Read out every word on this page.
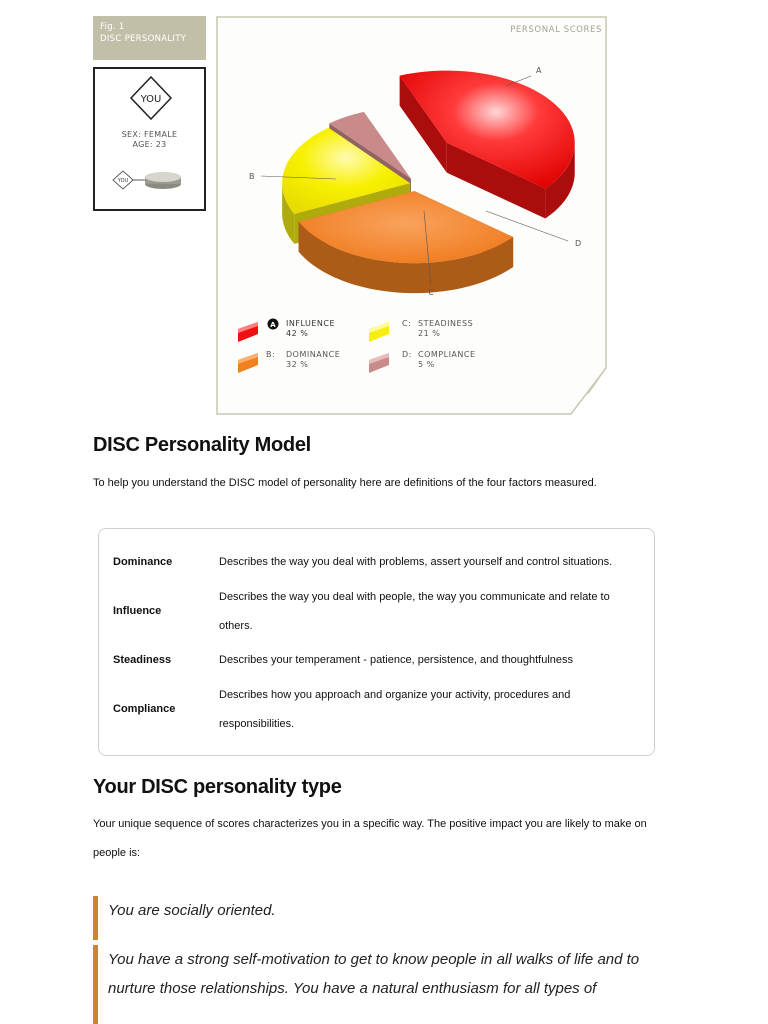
Fig. 1
DISC PERSONALITY
YOU
YOU
SEX: FEMALE
AGE: 23
PERSONAL SCORES
A
B
C
D
A INFLUENCE
42 %
B: DOMINANCE
32 %
C: STEADINESS
21 %
D: COMPLIANCE
5 %
DISC Personality Model

To help you understand the DISC model of personality here are definitions of the four factors measured.

Dominance	Describes the way you deal with problems, assert yourself and control situations.
Influence
Describes the way you deal with people, the way you communicate and relate to others.
Steadiness	Describes your temperament - patience, persistence, and thoughtfulness
Compliance
Describes how you approach and organize your activity, procedures and responsibilities.
Your DISC personality type

Your unique sequence of scores characterizes you in a specific way. The positive impact you are likely to make on people is:

You are socially oriented.
You have a strong self-motivation to get to know people in all walks of life and to nurture those relationships. You have a natural enthusiasm for all types of
